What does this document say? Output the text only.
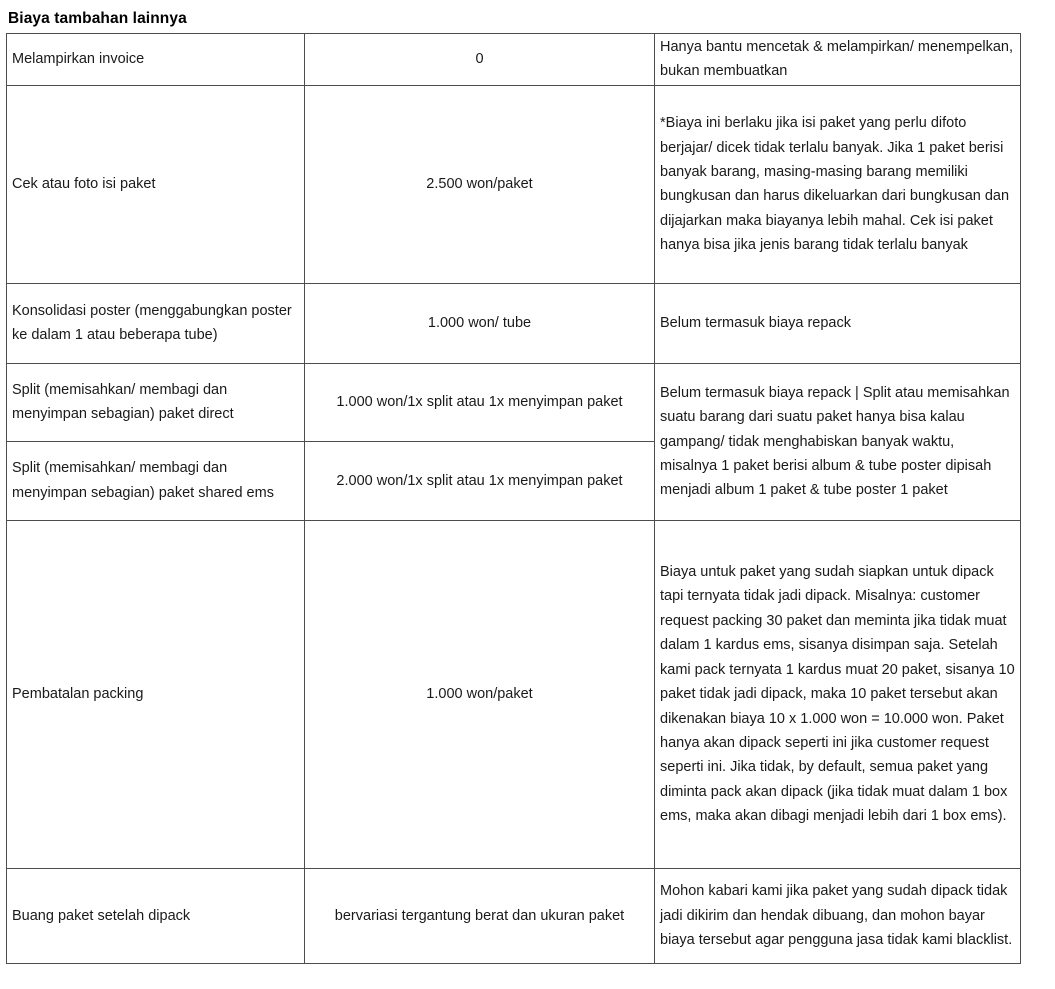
Biaya tambahan lainnya
Melampirkan invoice	0	Hanya bantu mencetak & melampirkan/ menempelkan, bukan membuatkan
Cek atau foto isi paket	2.500 won/paket	*Biaya ini berlaku jika isi paket yang perlu difoto berjajar/ dicek tidak terlalu banyak. Jika 1 paket berisi banyak barang, masing-masing barang memiliki bungkusan dan harus dikeluarkan dari bungkusan dan dijajarkan maka biayanya lebih mahal. Cek isi paket hanya bisa jika jenis barang tidak terlalu banyak
Konsolidasi poster (menggabungkan poster ke dalam 1 atau beberapa tube)	1.000 won/ tube	Belum termasuk biaya repack
Split (memisahkan/ membagi dan menyimpan sebagian) paket direct	1.000 won/1x split atau 1x menyimpan paket	Belum termasuk biaya repack | Split atau memisahkan suatu barang dari suatu paket hanya bisa kalau gampang/ tidak menghabiskan banyak waktu, misalnya 1 paket berisi album & tube poster dipisah menjadi album 1 paket & tube poster 1 paket
Split (memisahkan/ membagi dan menyimpan sebagian) paket shared ems	2.000 won/1x split atau 1x menyimpan paket	
Pembatalan packing	1.000 won/paket	Biaya untuk paket yang sudah siapkan untuk dipack tapi ternyata tidak jadi dipack. Misalnya: customer request packing 30 paket dan meminta jika tidak muat dalam 1 kardus ems, sisanya disimpan saja. Setelah kami pack ternyata 1 kardus muat 20 paket, sisanya 10 paket tidak jadi dipack, maka 10 paket tersebut akan dikenakan biaya 10 x 1.000 won = 10.000 won. Paket hanya akan dipack seperti ini jika customer request seperti ini. Jika tidak, by default, semua paket yang diminta pack akan dipack (jika tidak muat dalam 1 box ems, maka akan dibagi menjadi lebih dari 1 box ems).
Buang paket setelah dipack	bervariasi tergantung berat dan ukuran paket	Mohon kabari kami jika paket yang sudah dipack tidak jadi dikirim dan hendak dibuang, dan mohon bayar biaya tersebut agar pengguna jasa tidak kami blacklist.
